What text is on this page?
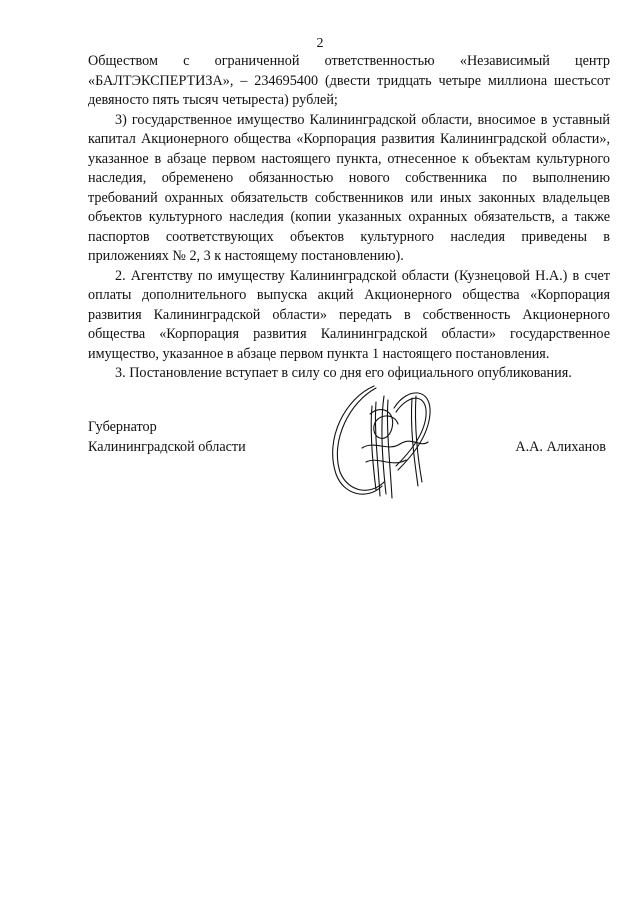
2

Обществом с ограниченной ответственностью «Независимый центр «БАЛТЭКСПЕРТИЗА», – 234695400 (двести тридцать четыре миллиона шестьсот девяносто пять тысяч четыреста) рублей;

3) государственное имущество Калининградской области, вносимое в уставный капитал Акционерного общества «Корпорация развития Калининградской области», указанное в абзаце первом настоящего пункта, отнесенное к объектам культурного наследия, обременено обязанностью нового собственника по выполнению требований охранных обязательств собственников или иных законных владельцев объектов культурного наследия (копии указанных охранных обязательств, а также паспортов соответствующих объектов культурного наследия приведены в приложениях № 2, 3 к настоящему постановлению).

2. Агентству по имуществу Калининградской области (Кузнецовой Н.А.) в счет оплаты дополнительного выпуска акций Акционерного общества «Корпорация развития Калининградской области» передать в собственность Акционерного общества «Корпорация развития Калининградской области» государственное имущество, указанное в абзаце первом пункта 1 настоящего постановления.

3. Постановление вступает в силу со дня его официального опубликования.

Губернатор
Калининградской области	А.А. Алиханов
